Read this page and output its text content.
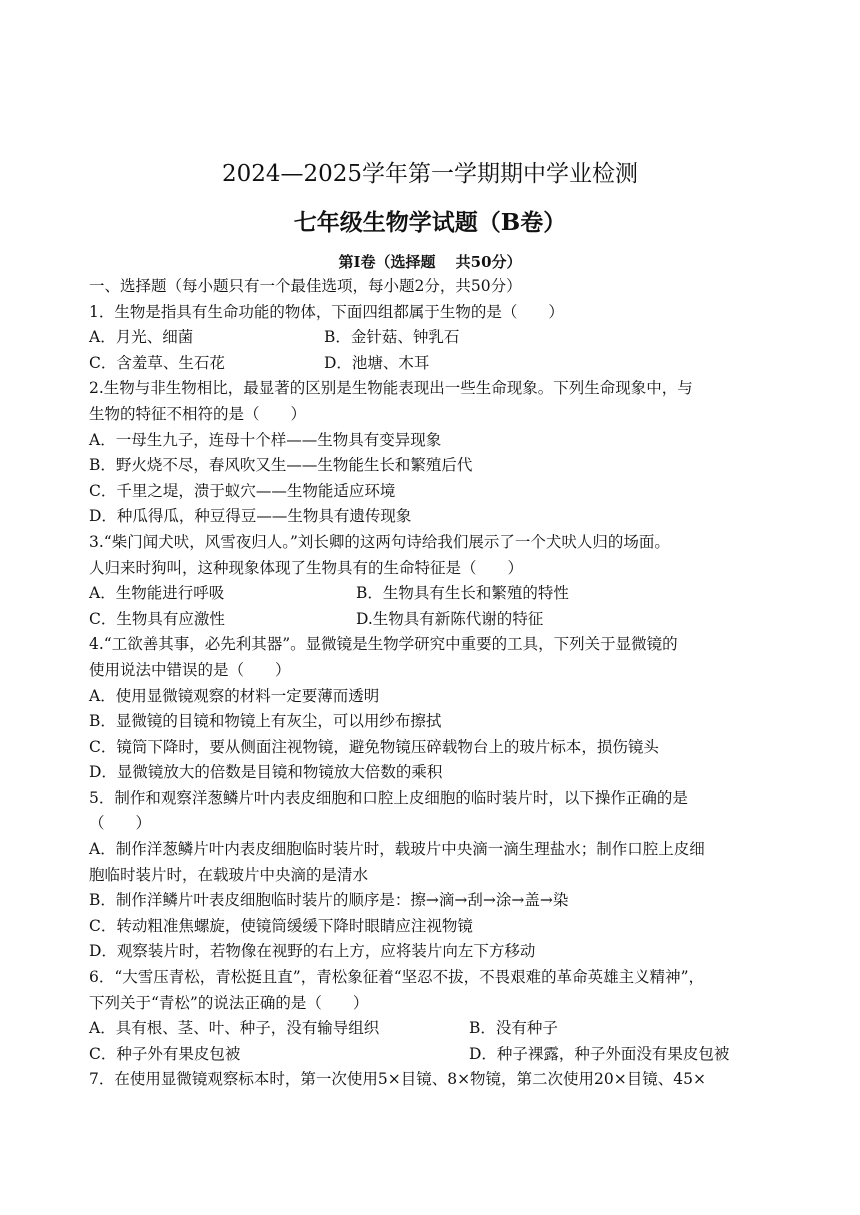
2024—2025学年第一学期期中学业检测
七年级生物学试题（B卷）
第Ⅰ卷（选择题　 共50分）
一、选择题（每小题只有一个最佳选项，每小题2分，共50分）
1．生物是指具有生命功能的物体，下面四组都属于生物的是（　　）
A．月光、细菌	B．金针菇、钟乳石
C．含羞草、生石花	D．池塘、木耳
2.生物与非生物相比，最显著的区别是生物能表现出一些生命现象。下列生命现象中，与
生物的特征不相符的是（　　）
A．一母生九子，连母十个样——生物具有变异现象
B．野火烧不尽，春风吹又生——生物能生长和繁殖后代
C．千里之堤，溃于蚁穴——生物能适应环境
D．种瓜得瓜，种豆得豆——生物具有遗传现象
3.“柴门闻犬吠，风雪夜归人。”刘长卿的这两句诗给我们展示了一个犬吠人归的场面。
人归来时狗叫，这种现象体现了生物具有的生命特征是（　　）
A．生物能进行呼吸	B．生物具有生长和繁殖的特性
C．生物具有应激性	D.生物具有新陈代谢的特征
4.“工欲善其事，必先利其器”。显微镜是生物学研究中重要的工具，下列关于显微镜的
使用说法中错误的是（　　）
A．使用显微镜观察的材料一定要薄而透明
B．显微镜的目镜和物镜上有灰尘，可以用纱布擦拭
C．镜筒下降时，要从侧面注视物镜，避免物镜压碎载物台上的玻片标本，损伤镜头
D．显微镜放大的倍数是目镜和物镜放大倍数的乘积
5．制作和观察洋葱鳞片叶内表皮细胞和口腔上皮细胞的临时装片时，以下操作正确的是
（　　）
A．制作洋葱鳞片叶内表皮细胞临时装片时，载玻片中央滴一滴生理盐水；制作口腔上皮细
胞临时装片时，在载玻片中央滴的是清水
B．制作洋鳞片叶表皮细胞临时装片的顺序是：擦→滴→刮→涂→盖→染
C．转动粗准焦螺旋，使镜筒缓缓下降时眼睛应注视物镜
D．观察装片时，若物像在视野的右上方，应将装片向左下方移动
6．“大雪压青松，青松挺且直”，青松象征着“坚忍不拔，不畏艰难的革命英雄主义精神”，
下列关于“青松”的说法正确的是（　　）
A．具有根、茎、叶、种子，没有输导组织	B．没有种子
C．种子外有果皮包被	D．种子裸露，种子外面没有果皮包被
7．在使用显微镜观察标本时，第一次使用5×目镜、8×物镜，第二次使用20×目镜、45×
